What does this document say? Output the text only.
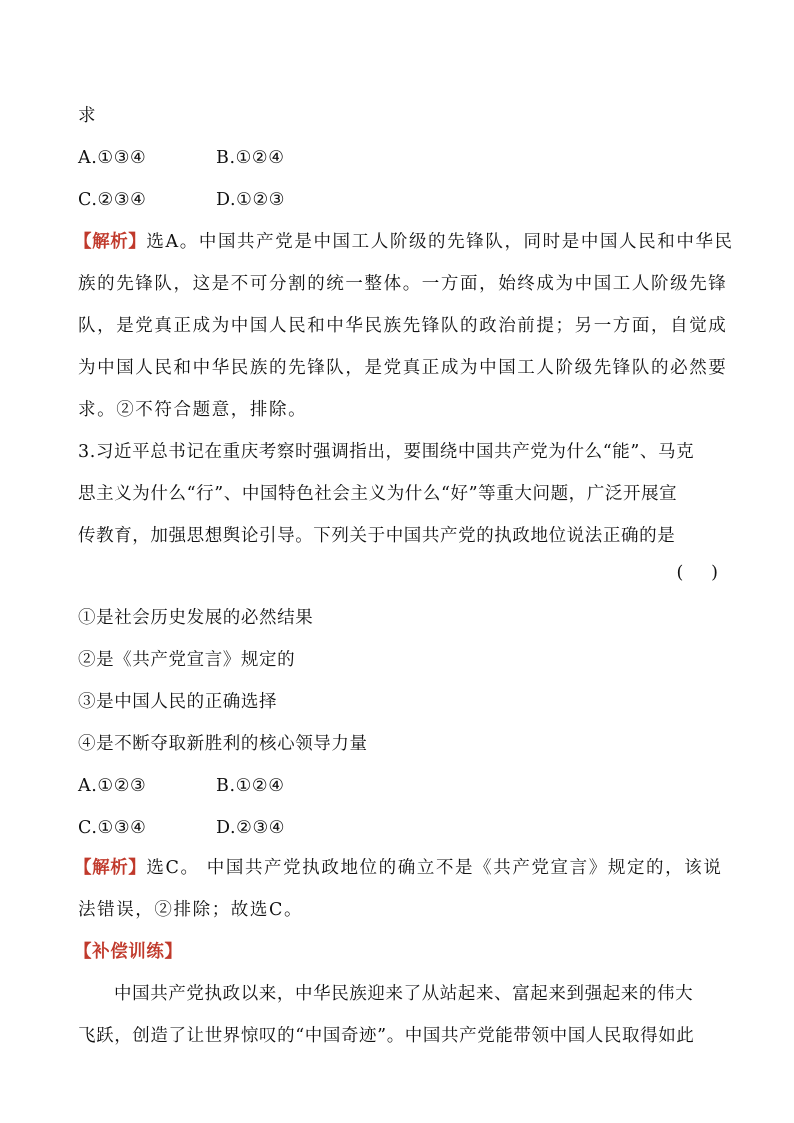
求
A.①③④	B.①②④
C.②③④	D.①②③
【解析】选A。中国共产党是中国工人阶级的先锋队，同时是中国人民和中华民
族的先锋队，这是不可分割的统一整体。一方面，始终成为中国工人阶级先锋
队，是党真正成为中国人民和中华民族先锋队的政治前提；另一方面，自觉成
为中国人民和中华民族的先锋队，是党真正成为中国工人阶级先锋队的必然要
求。②不符合题意，排除。
3.习近平总书记在重庆考察时强调指出，要围绕中国共产党为什么“能”、马克
思主义为什么“行”、中国特色社会主义为什么“好”等重大问题，广泛开展宣
传教育，加强思想舆论引导。下列关于中国共产党的执政地位说法正确的是
(     )
①是社会历史发展的必然结果
②是《共产党宣言》规定的
③是中国人民的正确选择
④是不断夺取新胜利的核心领导力量
A.①②③	B.①②④
C.①③④	D.②③④
【解析】选C。 中国共产党执政地位的确立不是《共产党宣言》规定的，该说
法错误，②排除；故选C。
【补偿训练】
中国共产党执政以来，中华民族迎来了从站起来、富起来到强起来的伟大
飞跃，创造了让世界惊叹的“中国奇迹”。中国共产党能带领中国人民取得如此
